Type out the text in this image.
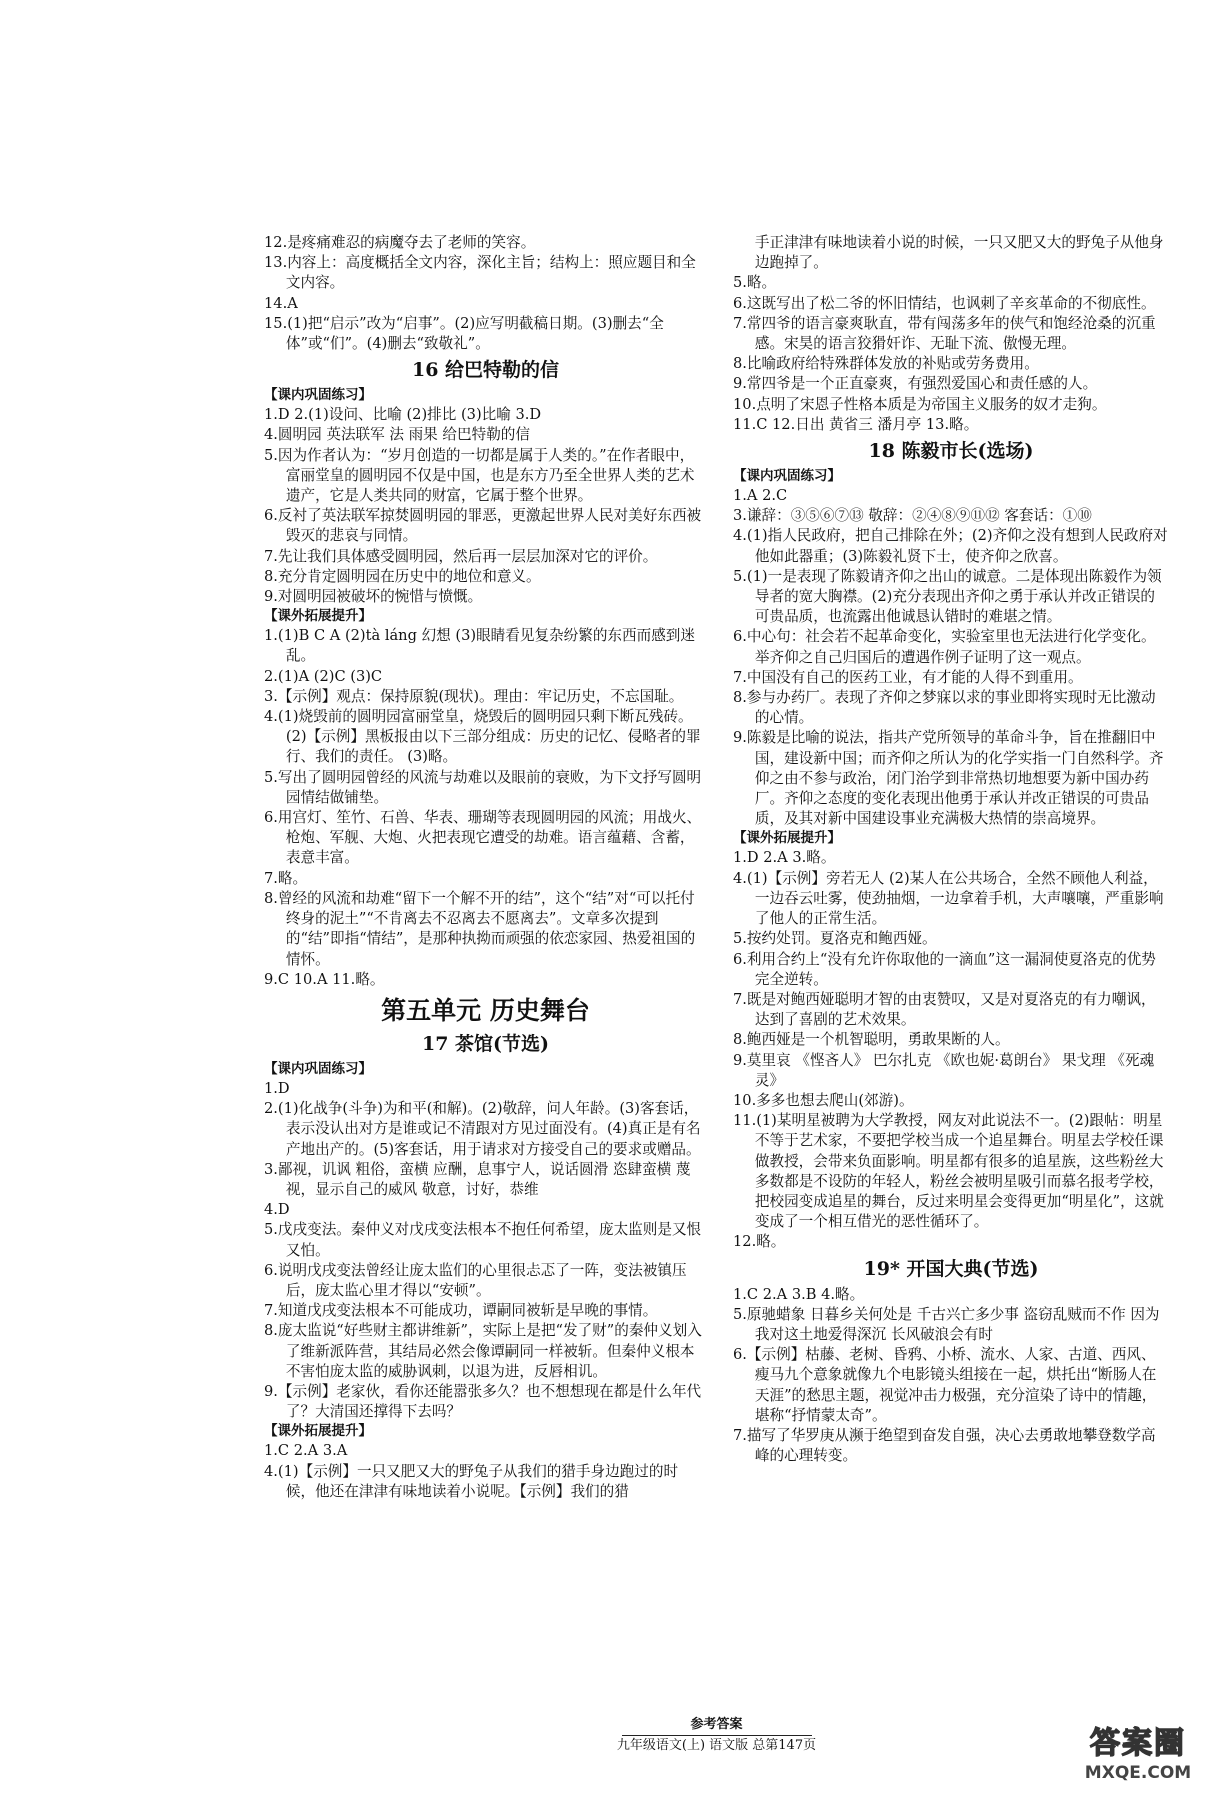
12.是疼痛难忍的病魔夺去了老师的笑容。

13.内容上：高度概括全文内容，深化主旨；结构上：照应题目和全文内容。

14.A

15.(1)把“启示”改为“启事”。(2)应写明截稿日期。(3)删去“全体”或“们”。(4)删去“致敬礼”。

16 给巴特勒的信
【课内巩固练习】

1.D 2.(1)设问、比喻 (2)排比 (3)比喻 3.D

4.圆明园 英法联军 法 雨果 给巴特勒的信

5.因为作者认为：“岁月创造的一切都是属于人类的。”在作者眼中，富丽堂皇的圆明园不仅是中国，也是东方乃至全世界人类的艺术遗产，它是人类共同的财富，它属于整个世界。

6.反衬了英法联军掠焚圆明园的罪恶，更激起世界人民对美好东西被毁灭的悲哀与同情。

7.先让我们具体感受圆明园，然后再一层层加深对它的评价。

8.充分肯定圆明园在历史中的地位和意义。

9.对圆明园被破坏的惋惜与愤慨。

【课外拓展提升】

1.(1)B C A (2)tà láng 幻想 (3)眼睛看见复杂纷繁的东西而感到迷乱。

2.(1)A (2)C (3)C

3.【示例】观点：保持原貌(现状)。理由：牢记历史，不忘国耻。

4.(1)烧毁前的圆明园富丽堂皇，烧毁后的圆明园只剩下断瓦残砖。 (2)【示例】黑板报由以下三部分组成：历史的记忆、侵略者的罪行、我们的责任。 (3)略。

5.写出了圆明园曾经的风流与劫难以及眼前的衰败，为下文抒写圆明园情结做铺垫。

6.用宫灯、笙竹、石兽、华表、珊瑚等表现圆明园的风流；用战火、枪炮、军舰、大炮、火把表现它遭受的劫难。语言蕴藉、含蓄，表意丰富。

7.略。

8.曾经的风流和劫难“留下一个解不开的结”，这个“结”对“可以托付终身的泥土”“不肯离去不忍离去不愿离去”。文章多次提到的“结”即指“情结”，是那种执拗而顽强的依恋家园、热爱祖国的情怀。

9.C 10.A 11.略。

第五单元 历史舞台
17 茶馆(节选)
【课内巩固练习】

1.D

2.(1)化战争(斗争)为和平(和解)。(2)敬辞，问人年龄。(3)客套话，表示没认出对方是谁或记不清跟对方见过面没有。(4)真正是有名产地出产的。(5)客套话，用于请求对方接受自己的要求或赠品。

3.鄙视，讥讽 粗俗，蛮横 应酬，息事宁人，说话圆滑 恣肆蛮横 蔑视，显示自己的威风 敬意，讨好，恭维

4.D

5.戊戌变法。秦仲义对戊戌变法根本不抱任何希望，庞太监则是又恨又怕。

6.说明戊戌变法曾经让庞太监们的心里很忐忑了一阵，变法被镇压后，庞太监心里才得以“安顿”。

7.知道戊戌变法根本不可能成功，谭嗣同被斩是早晚的事情。

8.庞太监说“好些财主都讲维新”，实际上是把“发了财”的秦仲义划入了维新派阵营，其结局必然会像谭嗣同一样被斩。但秦仲义根本不害怕庞太监的威胁讽刺，以退为进，反唇相讥。

9.【示例】老家伙，看你还能嚣张多久？也不想想现在都是什么年代了？大清国还撑得下去吗？

【课外拓展提升】

1.C 2.A 3.A

4.(1)【示例】一只又肥又大的野兔子从我们的猎手身边跑过的时候，他还在津津有味地读着小说呢。【示例】我们的猎

手正津津有味地读着小说的时候，一只又肥又大的野兔子从他身边跑掉了。

5.略。

6.这既写出了松二爷的怀旧情结，也讽刺了辛亥革命的不彻底性。

7.常四爷的语言豪爽耿直，带有闯荡多年的侠气和饱经沧桑的沉重感。宋昊的语言狡猾奸诈、无耻下流、傲慢无理。

8.比喻政府给特殊群体发放的补贴或劳务费用。

9.常四爷是一个正直豪爽，有强烈爱国心和责任感的人。

10.点明了宋恩子性格本质是为帝国主义服务的奴才走狗。

11.C 12.日出 黄省三 潘月亭 13.略。

18 陈毅市长(选场)
【课内巩固练习】

1.A 2.C

3.谦辞：③⑤⑥⑦⑬ 敬辞：②④⑧⑨⑪⑫ 客套话：①⑩

4.(1)指人民政府，把自己排除在外；(2)齐仰之没有想到人民政府对他如此器重；(3)陈毅礼贤下士，使齐仰之欣喜。

5.(1)一是表现了陈毅请齐仰之出山的诚意。二是体现出陈毅作为领导者的宽大胸襟。(2)充分表现出齐仰之勇于承认并改正错误的可贵品质，也流露出他诚恳认错时的难堪之情。

6.中心句：社会若不起革命变化，实验室里也无法进行化学变化。举齐仰之自己归国后的遭遇作例子证明了这一观点。

7.中国没有自己的医药工业，有才能的人得不到重用。

8.参与办药厂。表现了齐仰之梦寐以求的事业即将实现时无比激动的心情。

9.陈毅是比喻的说法，指共产党所领导的革命斗争，旨在推翻旧中国，建设新中国；而齐仰之所认为的化学实指一门自然科学。齐仰之由不参与政治，闭门治学到非常热切地想要为新中国办药厂。齐仰之态度的变化表现出他勇于承认并改正错误的可贵品质，及其对新中国建设事业充满极大热情的崇高境界。

【课外拓展提升】

1.D 2.A 3.略。

4.(1)【示例】旁若无人 (2)某人在公共场合，全然不顾他人利益，一边吞云吐雾，使劲抽烟，一边拿着手机，大声嚷嚷，严重影响了他人的正常生活。

5.按约处罚。夏洛克和鲍西娅。

6.利用合约上“没有允许你取他的一滴血”这一漏洞使夏洛克的优势完全逆转。

7.既是对鲍西娅聪明才智的由衷赞叹，又是对夏洛克的有力嘲讽，达到了喜剧的艺术效果。

8.鲍西娅是一个机智聪明，勇敢果断的人。

9.莫里哀 《悭吝人》 巴尔扎克 《欧也妮·葛朗台》 果戈理 《死魂灵》

10.多多也想去爬山(郊游)。

11.(1)某明星被聘为大学教授，网友对此说法不一。(2)跟帖：明星不等于艺术家，不要把学校当成一个追星舞台。明星去学校任课做教授，会带来负面影响。明星都有很多的追星族，这些粉丝大多数都是不设防的年轻人，粉丝会被明星吸引而慕名报考学校，把校园变成追星的舞台，反过来明星会变得更加“明星化”，这就变成了一个相互借光的恶性循环了。

12.略。

19* 开国大典(节选)

1.C 2.A 3.B 4.略。

5.原驰蜡象 日暮乡关何处是 千古兴亡多少事 盗窃乱贼而不作 因为我对这土地爱得深沉 长风破浪会有时

6.【示例】枯藤、老树、昏鸦、小桥、流水、人家、古道、西风、瘦马九个意象就像九个电影镜头组接在一起，烘托出“断肠人在天涯”的愁思主题，视觉冲击力极强，充分渲染了诗中的情趣，堪称“抒情蒙太奇”。

7.描写了华罗庚从濒于绝望到奋发自强，决心去勇敢地攀登数学高峰的心理转变。

参考答案
九年级语文(上) 语文版 总第147页	答案圈
MXQE.COM
